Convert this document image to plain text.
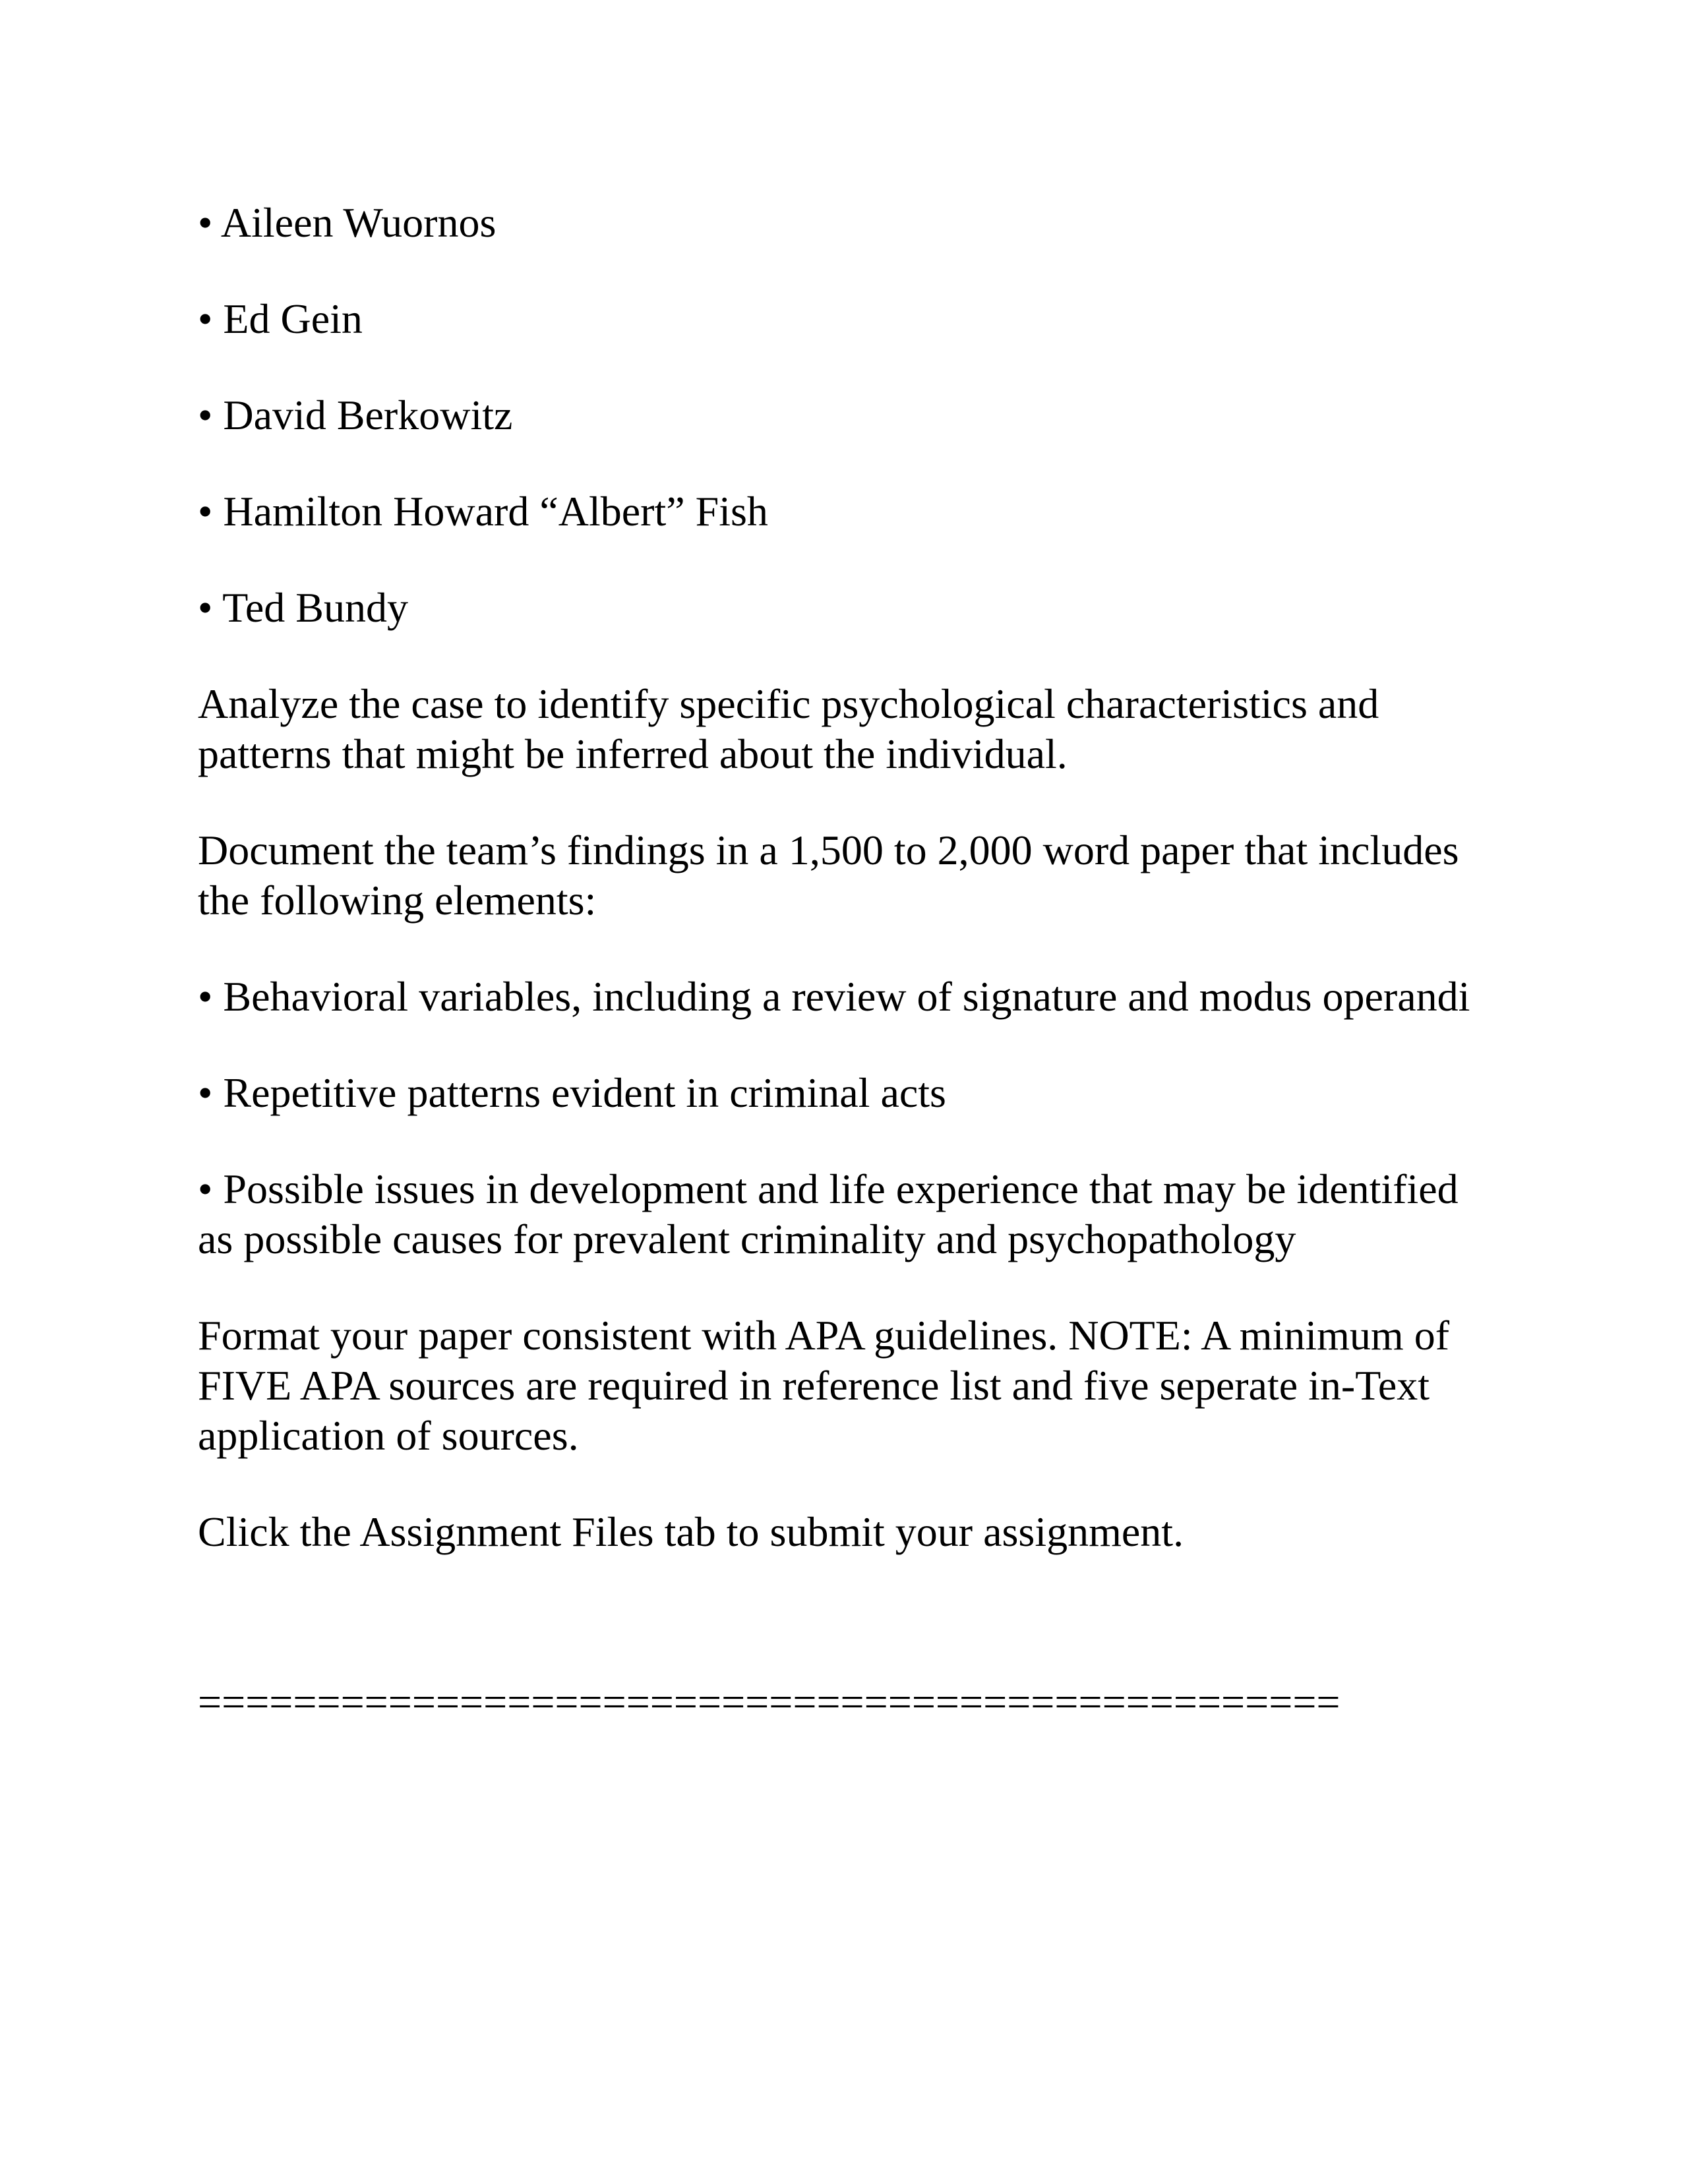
• Aileen Wuornos

• Ed Gein

• David Berkowitz

• Hamilton Howard “Albert” Fish

• Ted Bundy

Analyze the case to identify specific psychological characteristics and patterns that might be inferred about the individual.

Document the team’s findings in a 1,500 to 2,000 word paper that includes the following elements:

• Behavioral variables, including a review of signature and modus operandi

• Repetitive patterns evident in criminal acts

• Possible issues in development and life experience that may be identified as possible causes for prevalent criminality and psychopathology

Format your paper consistent with APA guidelines. NOTE: A minimum of FIVE APA sources are required in reference list and five seperate in-Text application of sources.

Click the Assignment Files tab to submit your assignment.

================================================
